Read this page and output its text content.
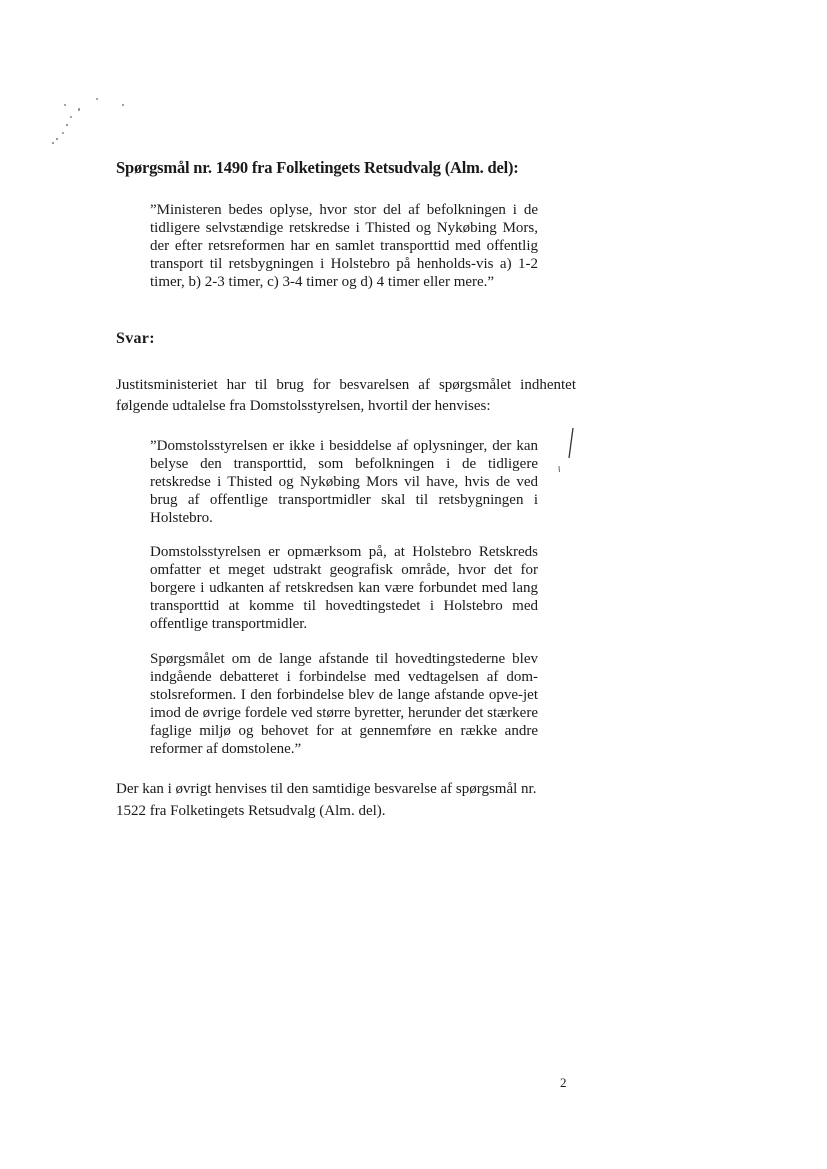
Spørgsmål nr. 1490 fra Folketingets Retsudvalg (Alm. del):

”Ministeren bedes oplyse, hvor stor del af befolkningen i de tidligere selvstændige retskredse i Thisted og Nykøbing Mors, der efter retsreformen har en samlet transporttid med offentlig transport til retsbygningen i Holstebro på henholds-vis a) 1-2 timer, b) 2-3 timer, c) 3-4 timer og d) 4 timer eller mere.”

Svar:
Justitsministeriet har til brug for besvarelsen af spørgsmålet indhentet følgende udtalelse fra Domstolsstyrelsen, hvortil der henvises:

”Domstolsstyrelsen er ikke i besiddelse af oplysninger, der kan belyse den transporttid, som befolkningen i de tidligere retskredse i Thisted og Nykøbing Mors vil have, hvis de ved brug af offentlige transportmidler skal til retsbygningen i Holstebro.

Domstolsstyrelsen er opmærksom på, at Holstebro Retskreds omfatter et meget udstrakt geografisk område, hvor det for borgere i udkanten af retskredsen kan være forbundet med lang transporttid at komme til hovedtingstedet i Holstebro med offentlige transportmidler.

Spørgsmålet om de lange afstande til hovedtingstederne blev indgående debatteret i forbindelse med vedtagelsen af dom-stolsreformen. I den forbindelse blev de lange afstande opve-jet imod de øvrige fordele ved større byretter, herunder det stærkere faglige miljø og behovet for at gennemføre en række andre reformer af domstolene.”

Der kan i øvrigt henvises til den samtidige besvarelse af spørgsmål nr. 1522 fra Folketingets Retsudvalg (Alm. del).
2
